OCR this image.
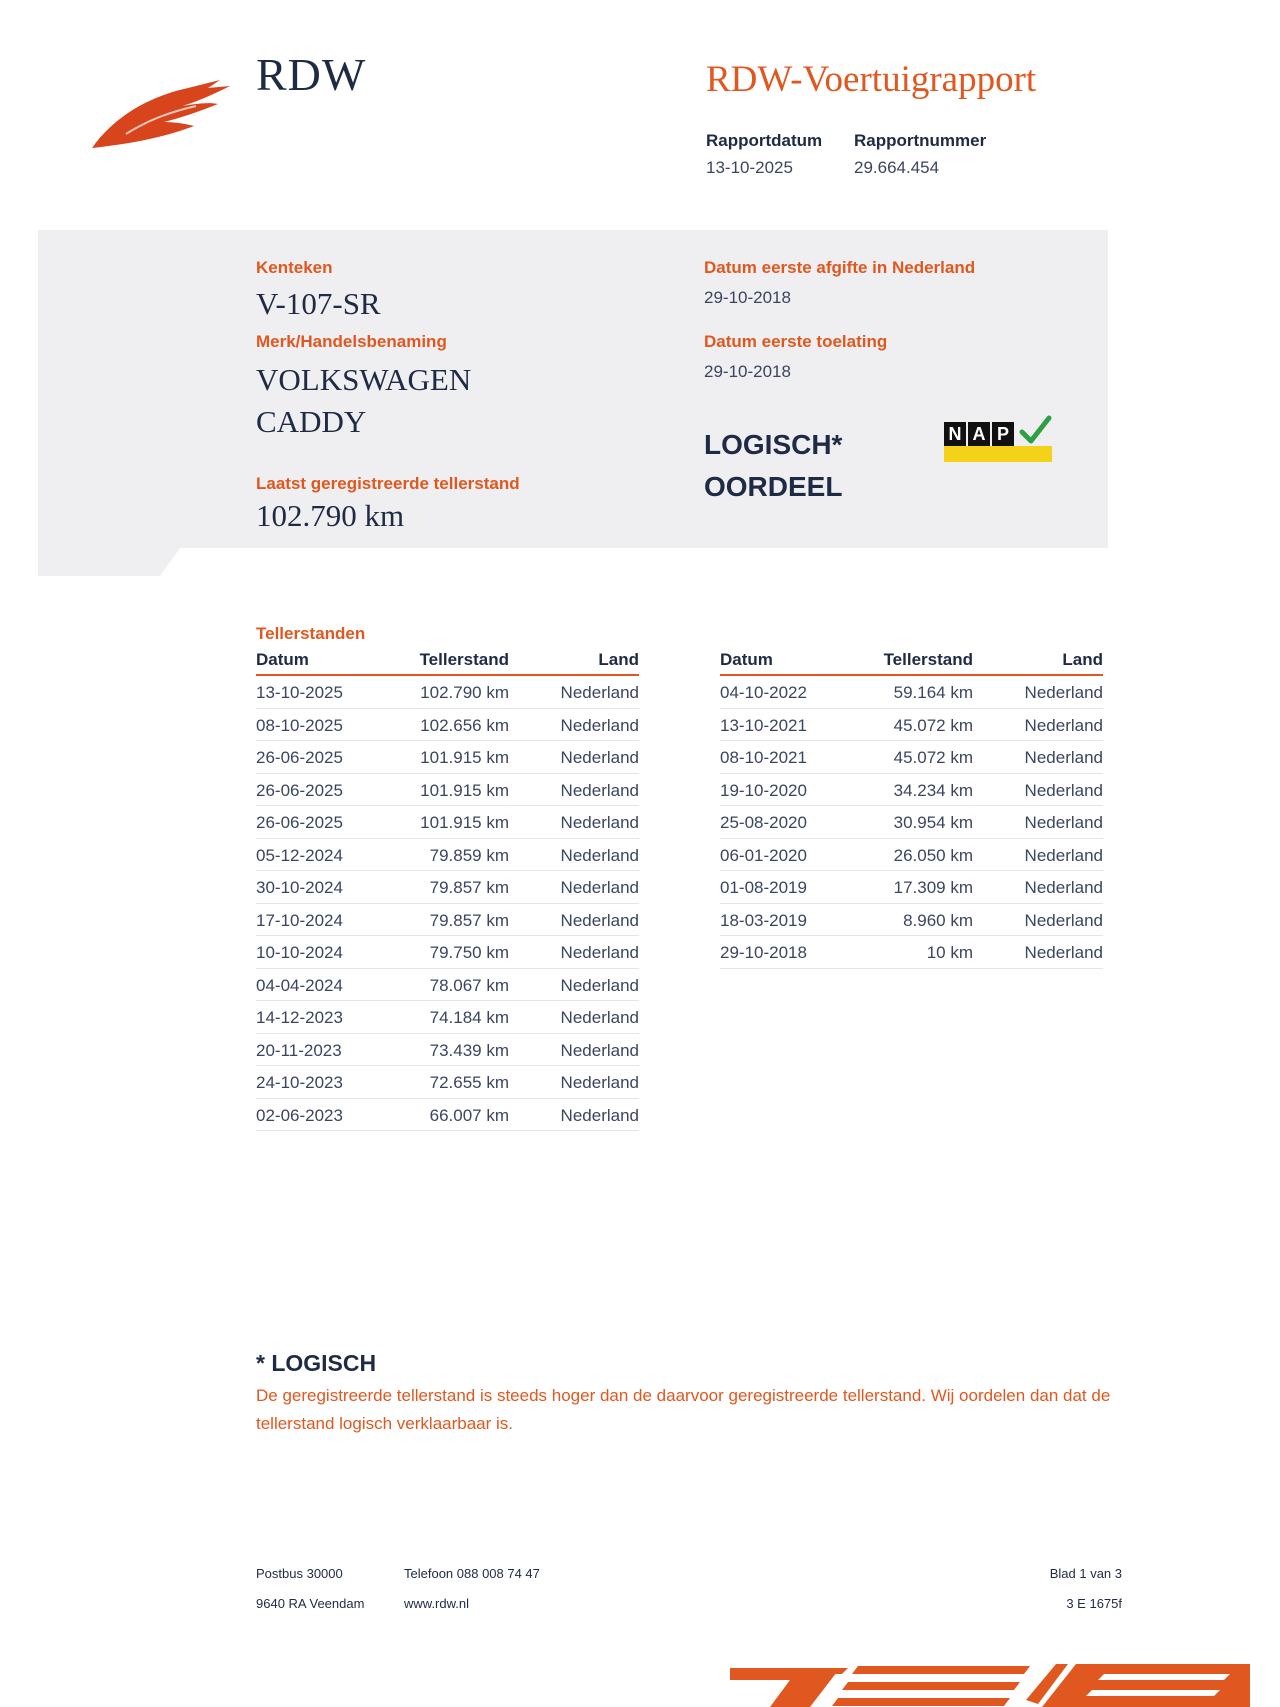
RDW	RDW-Voertuigrapport
Rapportdatum
13-10-2025
Rapportnummer
29.664.454
Kenteken
V-107-SR
Merk/Handelsbenaming
VOLKSWAGEN
CADDY
Laatst geregistreerde tellerstand
102.790 km
Datum eerste afgifte in Nederland
29-10-2018
Datum eerste toelating
29-10-2018
LOGISCH*
OORDEEL
N A P
Tellerstanden
Datum	Tellerstand	Land
13-10-2025	102.790 km	Nederland
08-10-2025	102.656 km	Nederland
26-06-2025	101.915 km	Nederland
26-06-2025	101.915 km	Nederland
26-06-2025	101.915 km	Nederland
05-12-2024	79.859 km	Nederland
30-10-2024	79.857 km	Nederland
17-10-2024	79.857 km	Nederland
10-10-2024	79.750 km	Nederland
04-04-2024	78.067 km	Nederland
14-12-2023	74.184 km	Nederland
20-11-2023	73.439 km	Nederland
24-10-2023	72.655 km	Nederland
02-06-2023	66.007 km	Nederland
Datum	Tellerstand	Land
04-10-2022	59.164 km	Nederland
13-10-2021	45.072 km	Nederland
08-10-2021	45.072 km	Nederland
19-10-2020	34.234 km	Nederland
25-08-2020	30.954 km	Nederland
06-01-2020	26.050 km	Nederland
01-08-2019	17.309 km	Nederland
18-03-2019	8.960 km	Nederland
29-10-2018	10 km	Nederland
* LOGISCH
De geregistreerde tellerstand is steeds hoger dan de daarvoor geregistreerde tellerstand. Wij oordelen dan dat de tellerstand logisch verklaarbaar is.
Postbus 30000
9640 RA Veendam
Telefoon 088 008 74 47
www.rdw.nl
Blad 1 van 3
3 E 1675f
